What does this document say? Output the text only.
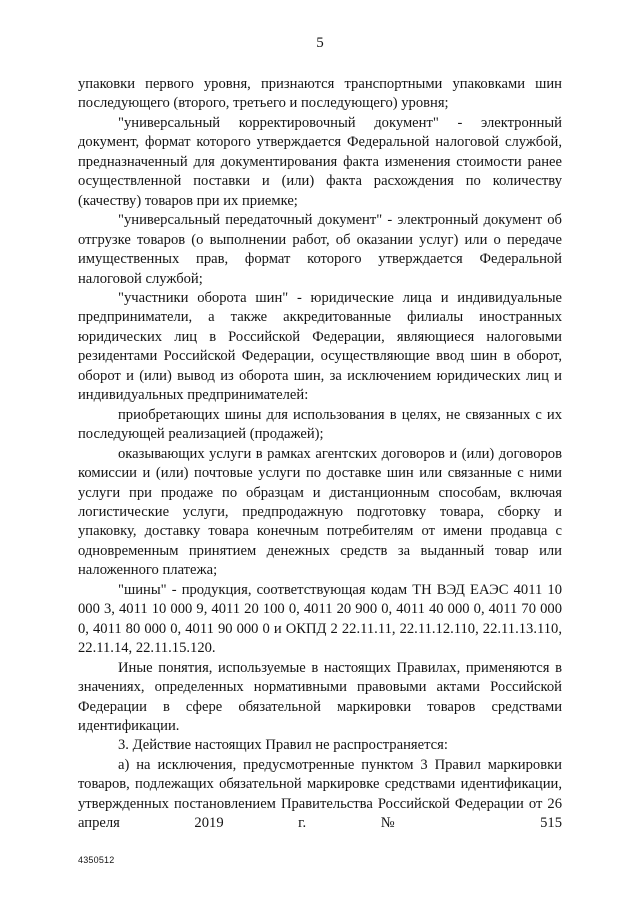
5

упаковки первого уровня, признаются транспортными упаковками шин последующего (второго, третьего и последующего) уровня;

"универсальный корректировочный документ" - электронный документ, формат которого утверждается Федеральной налоговой службой, предназначенный для документирования факта изменения стоимости ранее осуществленной поставки и (или) факта расхождения по количеству (качеству) товаров при их приемке;

"универсальный передаточный документ" - электронный документ об отгрузке товаров (о выполнении работ, об оказании услуг) или о передаче имущественных прав, формат которого утверждается Федеральной налоговой службой;

"участники оборота шин" - юридические лица и индивидуальные предприниматели, а также аккредитованные филиалы иностранных юридических лиц в Российской Федерации, являющиеся налоговыми резидентами Российской Федерации, осуществляющие ввод шин в оборот, оборот и (или) вывод из оборота шин, за исключением юридических лиц и индивидуальных предпринимателей:

приобретающих шины для использования в целях, не связанных с их последующей реализацией (продажей);

оказывающих услуги в рамках агентских договоров и (или) договоров комиссии и (или) почтовые услуги по доставке шин или связанные с ними услуги при продаже по образцам и дистанционным способам, включая логистические услуги, предпродажную подготовку товара, сборку и упаковку, доставку товара конечным потребителям от имени продавца с одновременным принятием денежных средств за выданный товар или наложенного платежа;

"шины" - продукция, соответствующая кодам ТН ВЭД ЕАЭС 4011 10 000 3, 4011 10 000 9, 4011 20 100 0, 4011 20 900 0, 4011 40 000 0, 4011 70 000 0, 4011 80 000 0, 4011 90 000 0 и ОКПД 2 22.11.11, 22.11.12.110, 22.11.13.110, 22.11.14, 22.11.15.120.

Иные понятия, используемые в настоящих Правилах, применяются в значениях, определенных нормативными правовыми актами Российской Федерации в сфере обязательной маркировки товаров средствами идентификации.

3. Действие настоящих Правил не распространяется:

а) на исключения, предусмотренные пунктом 3 Правил маркировки товаров, подлежащих обязательной маркировке средствами идентификации, утвержденных постановлением Правительства Российской Федерации от 26 апреля 2019 г. № 515

4350512
